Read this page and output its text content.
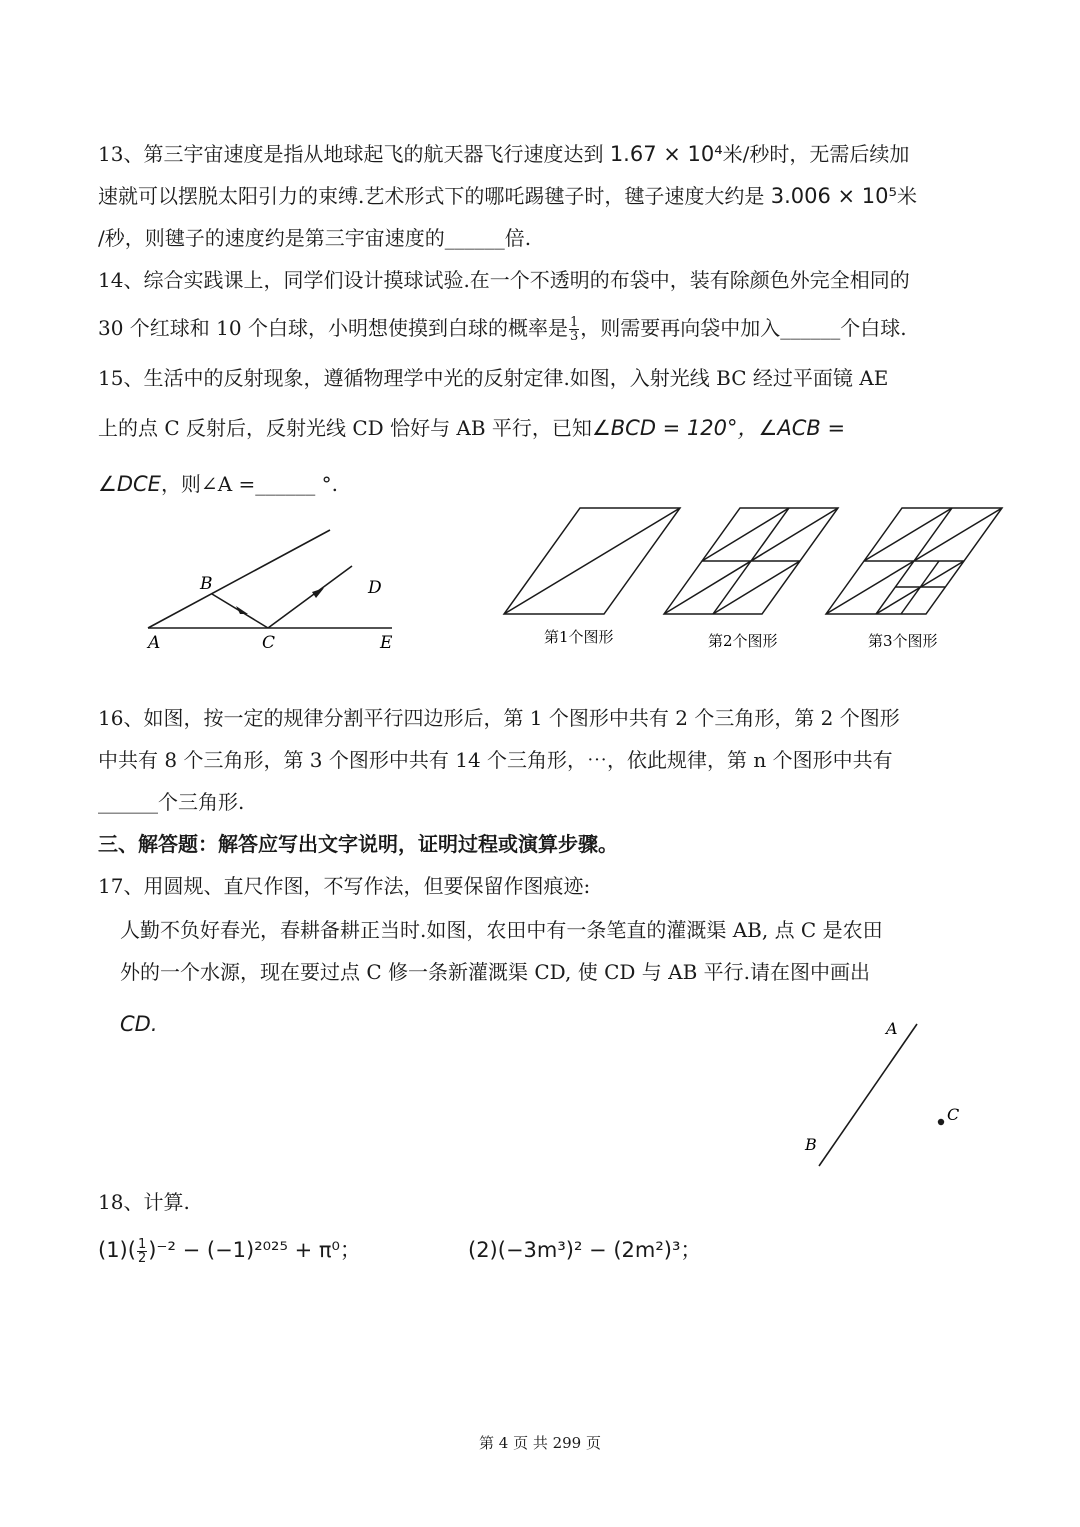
13、第三宇宙速度是指从地球起飞的航天器飞行速度达到 1.67 × 10⁴米/秒时，无需后续加
速就可以摆脱太阳引力的束缚.艺术形式下的哪吒踢毽子时，毽子速度大约是 3.006 × 10⁵米
/秒，则毽子的速度约是第三宇宙速度的______倍.
14、综合实践课上，同学们设计摸球试验.在一个不透明的布袋中，装有除颜色外完全相同的
30 个红球和 10 个白球，小明想使摸到白球的概率是 $\frac{1}{3}$ ，则需要再向袋中加入______个白球.
15、生活中的反射现象，遵循物理学中光的反射定律.如图，入射光线 BC 经过平面镜 AE
上的点 C 反射后，反射光线 CD 恰好与 AB 平行，已知∠BCD = 120°，∠ACB =
∠DCE，则∠A =______ °.
A
B
C
D
E	第1个图形	第2个图形	第3个图形
16、如图，按一定的规律分割平行四边形后，第 1 个图形中共有 2 个三角形，第 2 个图形
中共有 8 个三角形，第 3 个图形中共有 14 个三角形，⋯，依此规律，第 n 个图形中共有
______个三角形.
三、解答题：解答应写出文字说明，证明过程或演算步骤。
17、用圆规、直尺作图，不写作法，但要保留作图痕迹:
人勤不负好春光，春耕备耕正当时.如图，农田中有一条笔直的灌溉渠 AB, 点 C 是农田
外的一个水源，现在要过点 C 修一条新灌溉渠 CD, 使 CD 与 AB 平行.请在图中画出
CD.	A
B
C
18、计算.
$(1)( \frac{1}{2} )^{-2} - (-1)^{2025} + \pi^0$；	(2)(−3m³)² − (2m²)³；
第 4 页 共 299 页
